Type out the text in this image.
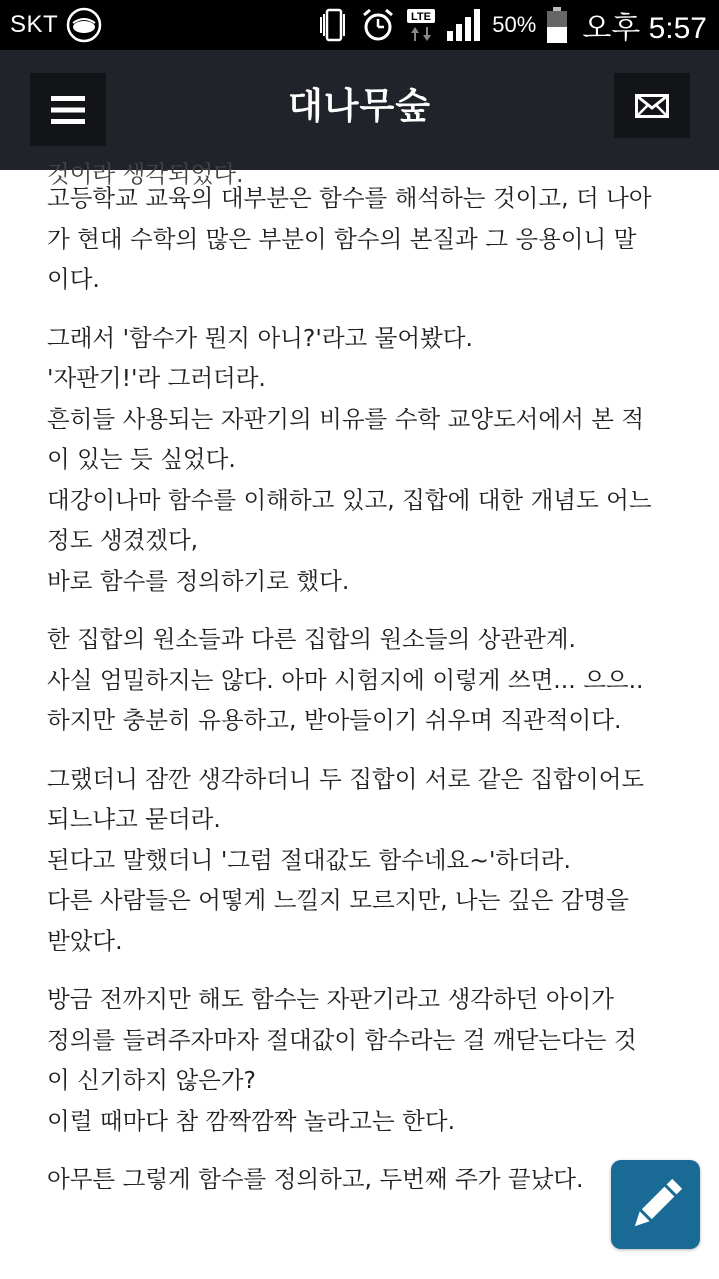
SKT	LTE	50% 오후 5:57
대나무숲
것이라 생각되었다.

고등학교 교육의 대부분은 함수를 해석하는 것이고, 더 나아
가 현대 수학의 많은 부분이 함수의 본질과 그 응용이니 말
이다.

그래서 '함수가 뭔지 아니?'라고 물어봤다.
'자판기!'라 그러더라.
흔히들 사용되는 자판기의 비유를 수학 교양도서에서 본 적
이 있는 듯 싶었다.
대강이나마 함수를 이해하고 있고, 집합에 대한 개념도 어느
정도 생겼겠다,
바로 함수를 정의하기로 했다.

한 집합의 원소들과 다른 집합의 원소들의 상관관계.
사실 엄밀하지는 않다. 아마 시험지에 이렇게 쓰면... 으으..
하지만 충분히 유용하고, 받아들이기 쉬우며 직관적이다.

그랬더니 잠깐 생각하더니 두 집합이 서로 같은 집합이어도
되느냐고 묻더라.
된다고 말했더니 '그럼 절대값도 함수네요~'하더라.
다른 사람들은 어떻게 느낄지 모르지만, 나는 깊은 감명을
받았다.

방금 전까지만 해도 함수는 자판기라고 생각하던 아이가
정의를 들려주자마자 절대값이 함수라는 걸 깨닫는다는 것
이 신기하지 않은가?
이럴 때마다 참 깜짝깜짝 놀라고는 한다.

아무튼 그렇게 함수를 정의하고, 두번째 주가 끝났다.
